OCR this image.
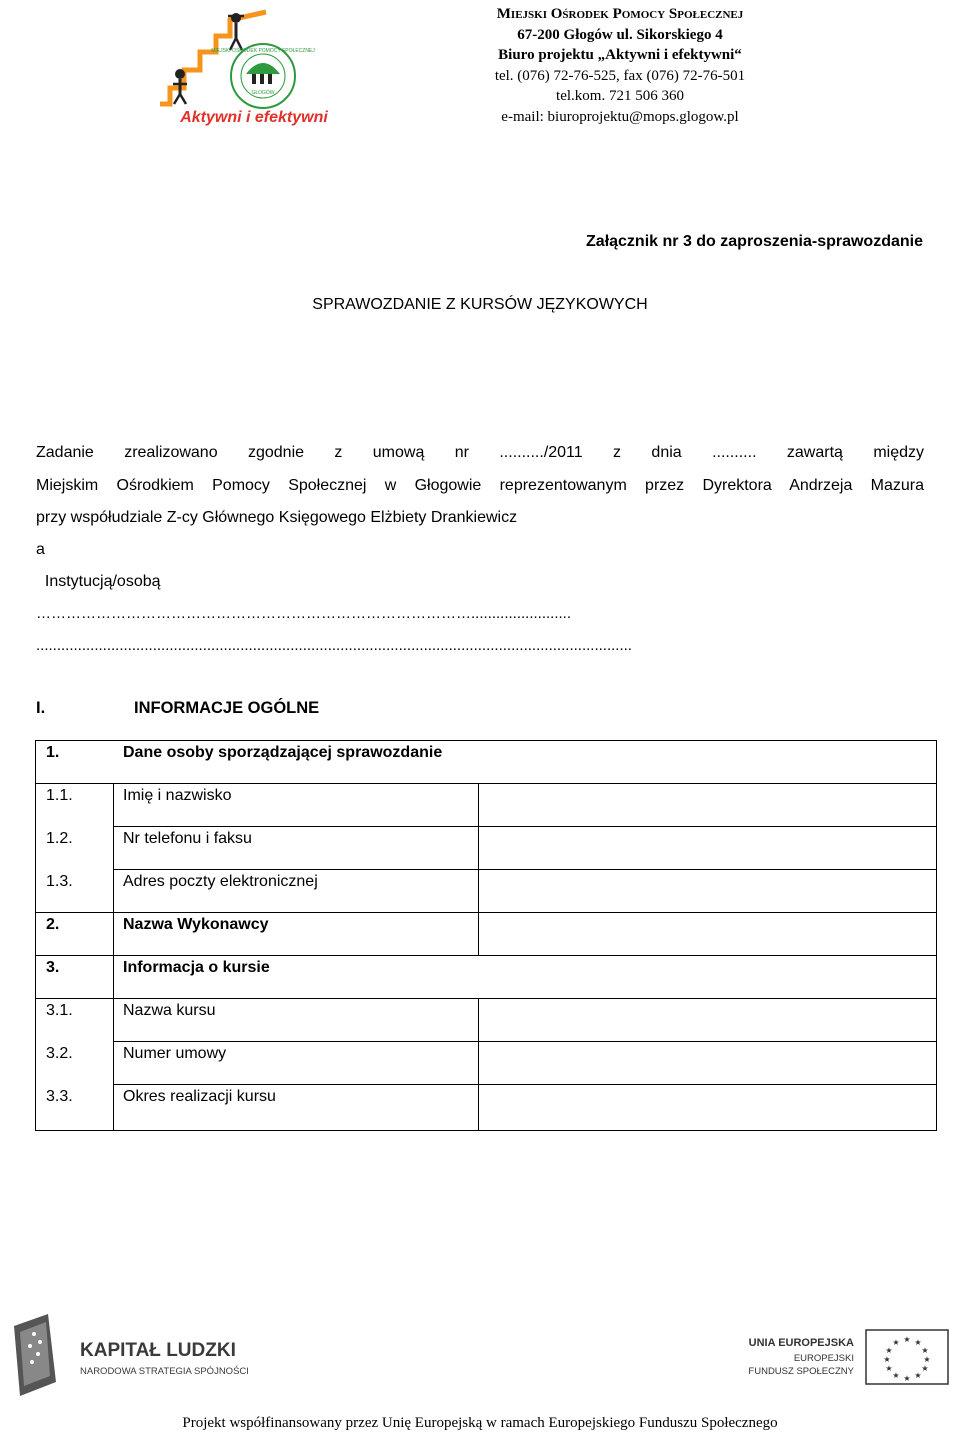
MIEJSKI OŚRODEK POMOCY SPOŁECZNEJ
GŁOGÓW
Aktywni i efektywni
Miejski Ośrodek Pomocy Społecznej
67-200 Głogów ul. Sikorskiego 4
Biuro projektu „Aktywni i efektywni“
tel. (076) 72-76-525, fax (076) 72-76-501
tel.kom. 721 506 360
e-mail: biuroprojektu@mops.glogow.pl
Załącznik nr 3 do zaproszenia-sprawozdanie
SPRAWOZDANIE Z KURSÓW JĘZYKOWYCH
Zadanie zrealizowano zgodnie z umową nr ........../2011 z dnia .......... zawartą między
Miejskim Ośrodkiem Pomocy Społecznej w Głogowie reprezentowanym przez Dyrektora Andrzeja Mazura
przy współudziale Z-cy Głównego Księgowego Elżbiety Drankiewicz
a
Instytucją/osobą
……………………………………………………………………………........................
...............................................................................................................................................
I.	INFORMACJE OGÓLNE
1.	Dane osoby sporządzającej sprawozdanie
1.1.	Imię i nazwisko
1.2.	Nr telefonu i faksu
1.3.	Adres poczty elektronicznej
2.	Nazwa Wykonawcy
3.	Informacja o kursie
3.1.	Nazwa kursu
3.2.	Numer umowy
3.3.	Okres realizacji kursu
KAPITAŁ LUDZKI
NARODOWA STRATEGIA SPÓJNOŚCI
UNIA EUROPEJSKA
EUROPEJSKI
FUNDUSZ SPOŁECZNY
★ ★
★
★
★
★
★
★
★
★
★
★
Projekt współfinansowany przez Unię Europejską w ramach Europejskiego Funduszu Społecznego
